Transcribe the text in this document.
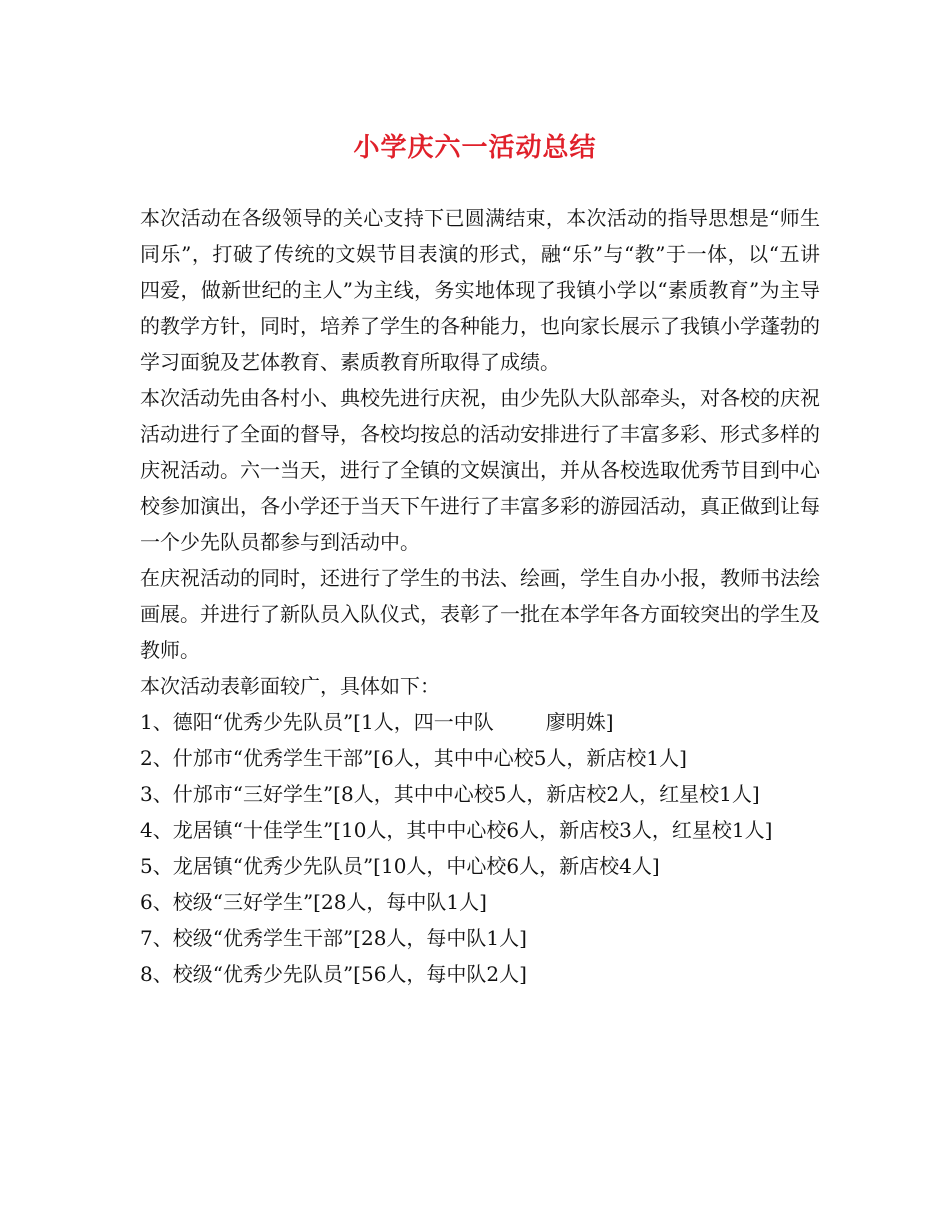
小学庆六一活动总结

本次活动在各级领导的关心支持下已圆满结束，本次活动的指导思想是“师生同乐”，打破了传统的文娱节目表演的形式，融“乐”与“教”于一体，以“五讲四爱，做新世纪的主人”为主线，务实地体现了我镇小学以“素质教育”为主导的教学方针，同时，培养了学生的各种能力，也向家长展示了我镇小学蓬勃的学习面貌及艺体教育、素质教育所取得了成绩。

本次活动先由各村小、典校先进行庆祝，由少先队大队部牵头，对各校的庆祝活动进行了全面的督导，各校均按总的活动安排进行了丰富多彩、形式多样的庆祝活动。六一当天，进行了全镇的文娱演出，并从各校选取优秀节目到中心校参加演出，各小学还于当天下午进行了丰富多彩的游园活动，真正做到让每一个少先队员都参与到活动中。

在庆祝活动的同时，还进行了学生的书法、绘画，学生自办小报，教师书法绘画展。并进行了新队员入队仪式，表彰了一批在本学年各方面较突出的学生及教师。

本次活动表彰面较广，具体如下：

1、德阳“优秀少先队员”[1人，四一中队	廖明姝]
2、什邡市“优秀学生干部”[6人，其中中心校5人，新店校1人]
3、什邡市“三好学生”[8人，其中中心校5人，新店校2人，红星校1人]
4、龙居镇“十佳学生”[10人，其中中心校6人，新店校3人，红星校1人]
5、龙居镇“优秀少先队员”[10人，中心校6人，新店校4人]
6、校级“三好学生”[28人，每中队1人]
7、校级“优秀学生干部”[28人，每中队1人]
8、校级“优秀少先队员”[56人，每中队2人]
